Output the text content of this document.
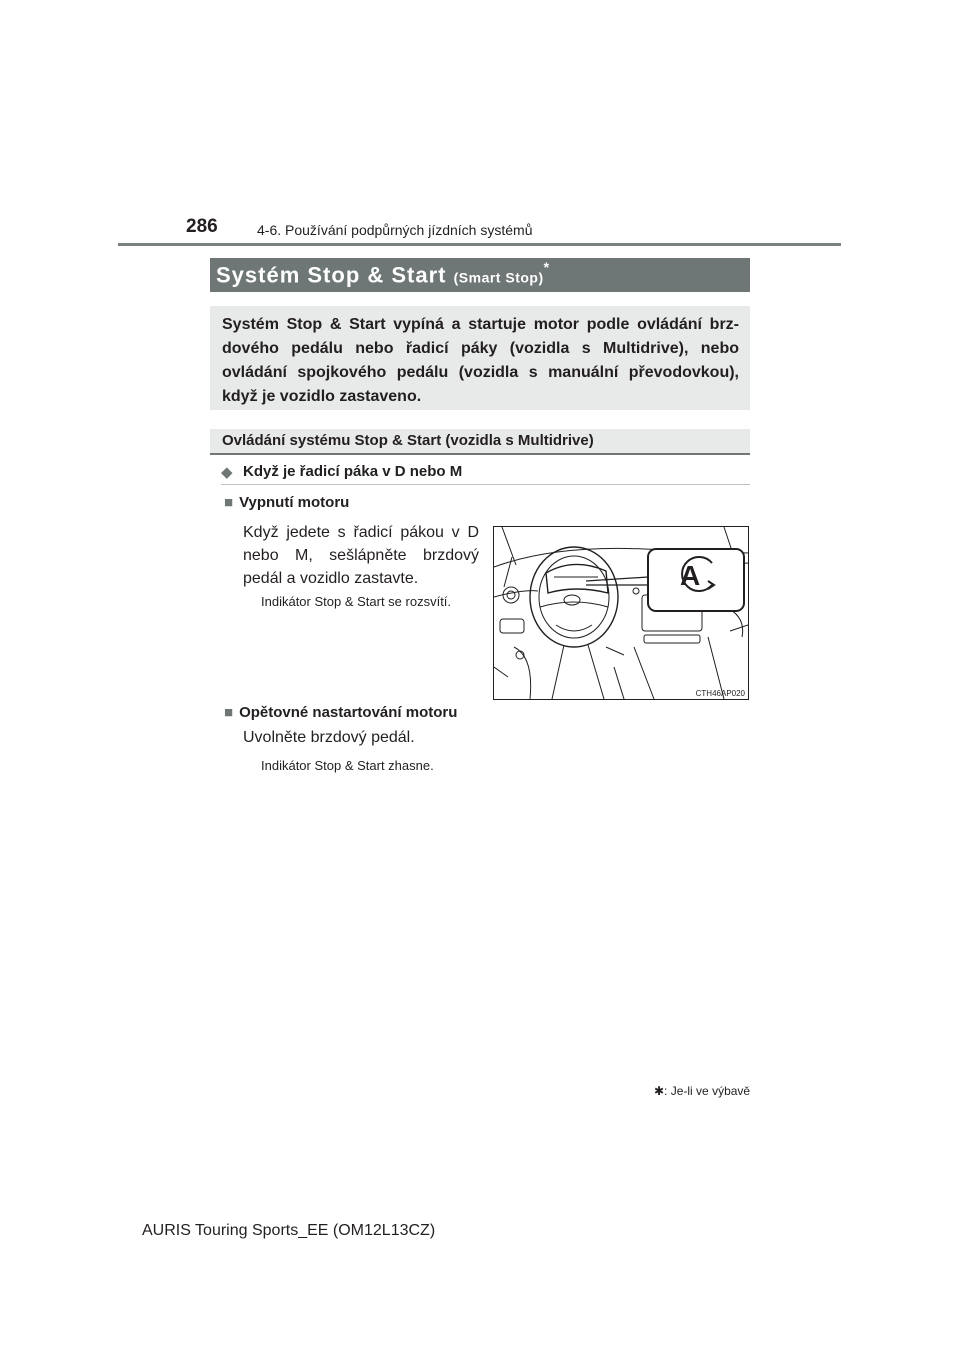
286	4-6. Používání podpůrných jízdních systémů
Systém Stop & Start (Smart Stop)*
Systém Stop & Start vypíná a startuje motor podle ovládání brz-dového pedálu nebo řadicí páky (vozidla s Multidrive), nebo ovládání spojkového pedálu (vozidla s manuální převodovkou), když je vozidlo zastaveno.
Ovládání systému Stop & Start (vozidla s Multidrive)
◆ Když je řadicí páka v D nebo M
■ Vypnutí motoru
Když jedete s řadicí pákou v D nebo M, sešlápněte brzdový pedál a vozidlo zastavte.
Indikátor Stop & Start se rozsvítí.
A
CTH46AP020
■ Opětovné nastartování motoru
Uvolněte brzdový pedál.
Indikátor Stop & Start zhasne.
✱: Je-li ve výbavě
AURIS Touring Sports_EE (OM12L13CZ)
